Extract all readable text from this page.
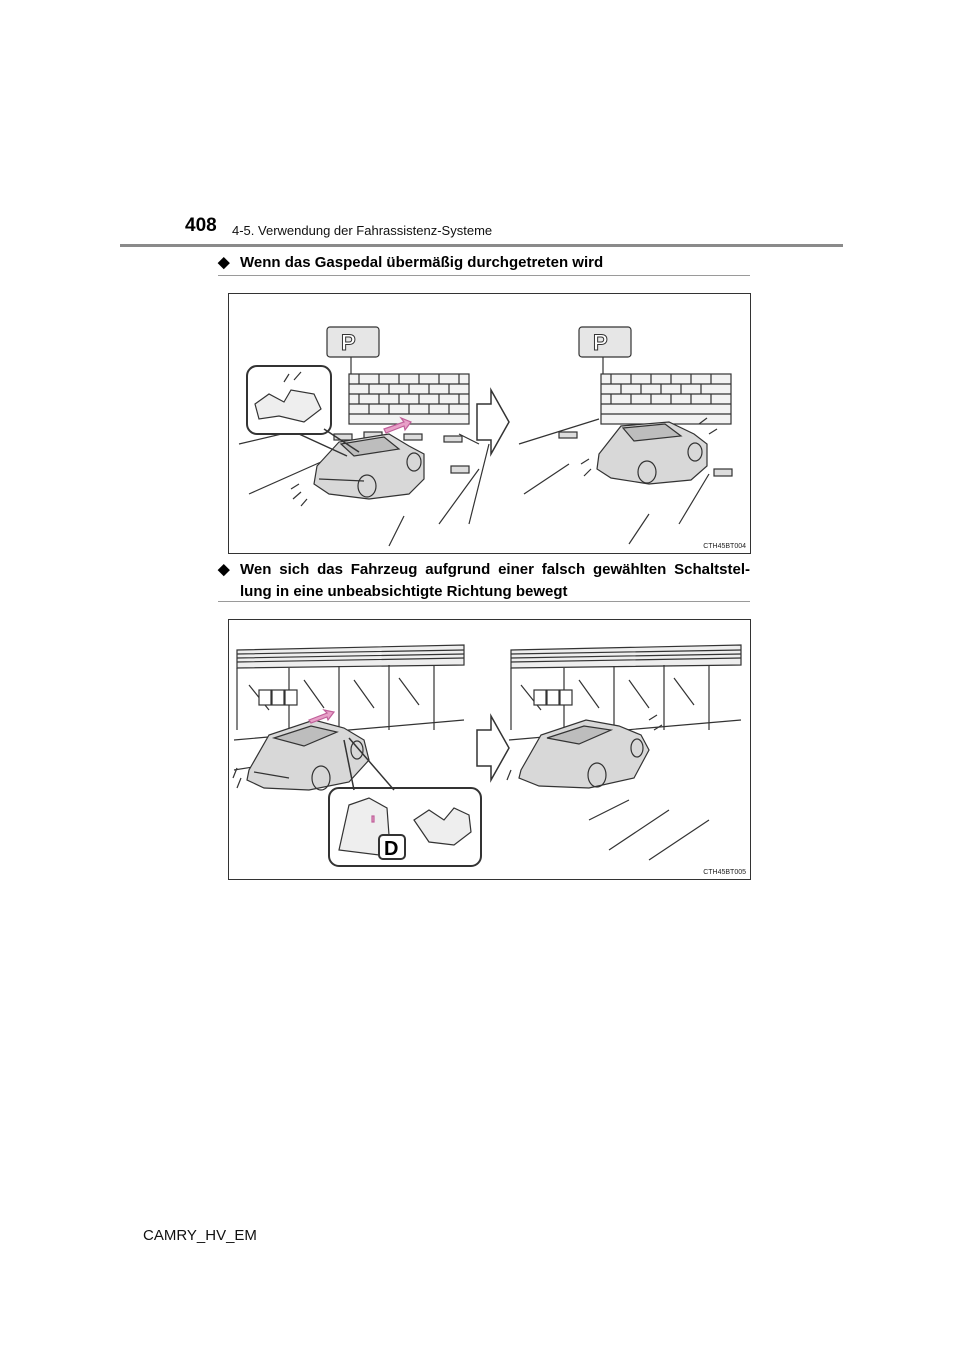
408 4-5. Verwendung der Fahrassistenz-Systeme
◆ Wenn das Gaspedal übermäßig durchgetreten wird
P	P
CTH45BT004
◆ Wen sich das Fahrzeug aufgrund einer falsch gewählten Schaltstel-
lung in eine unbeabsichtigte Richtung bewegt
D
CTH45BT005
CAMRY_HV_EM
